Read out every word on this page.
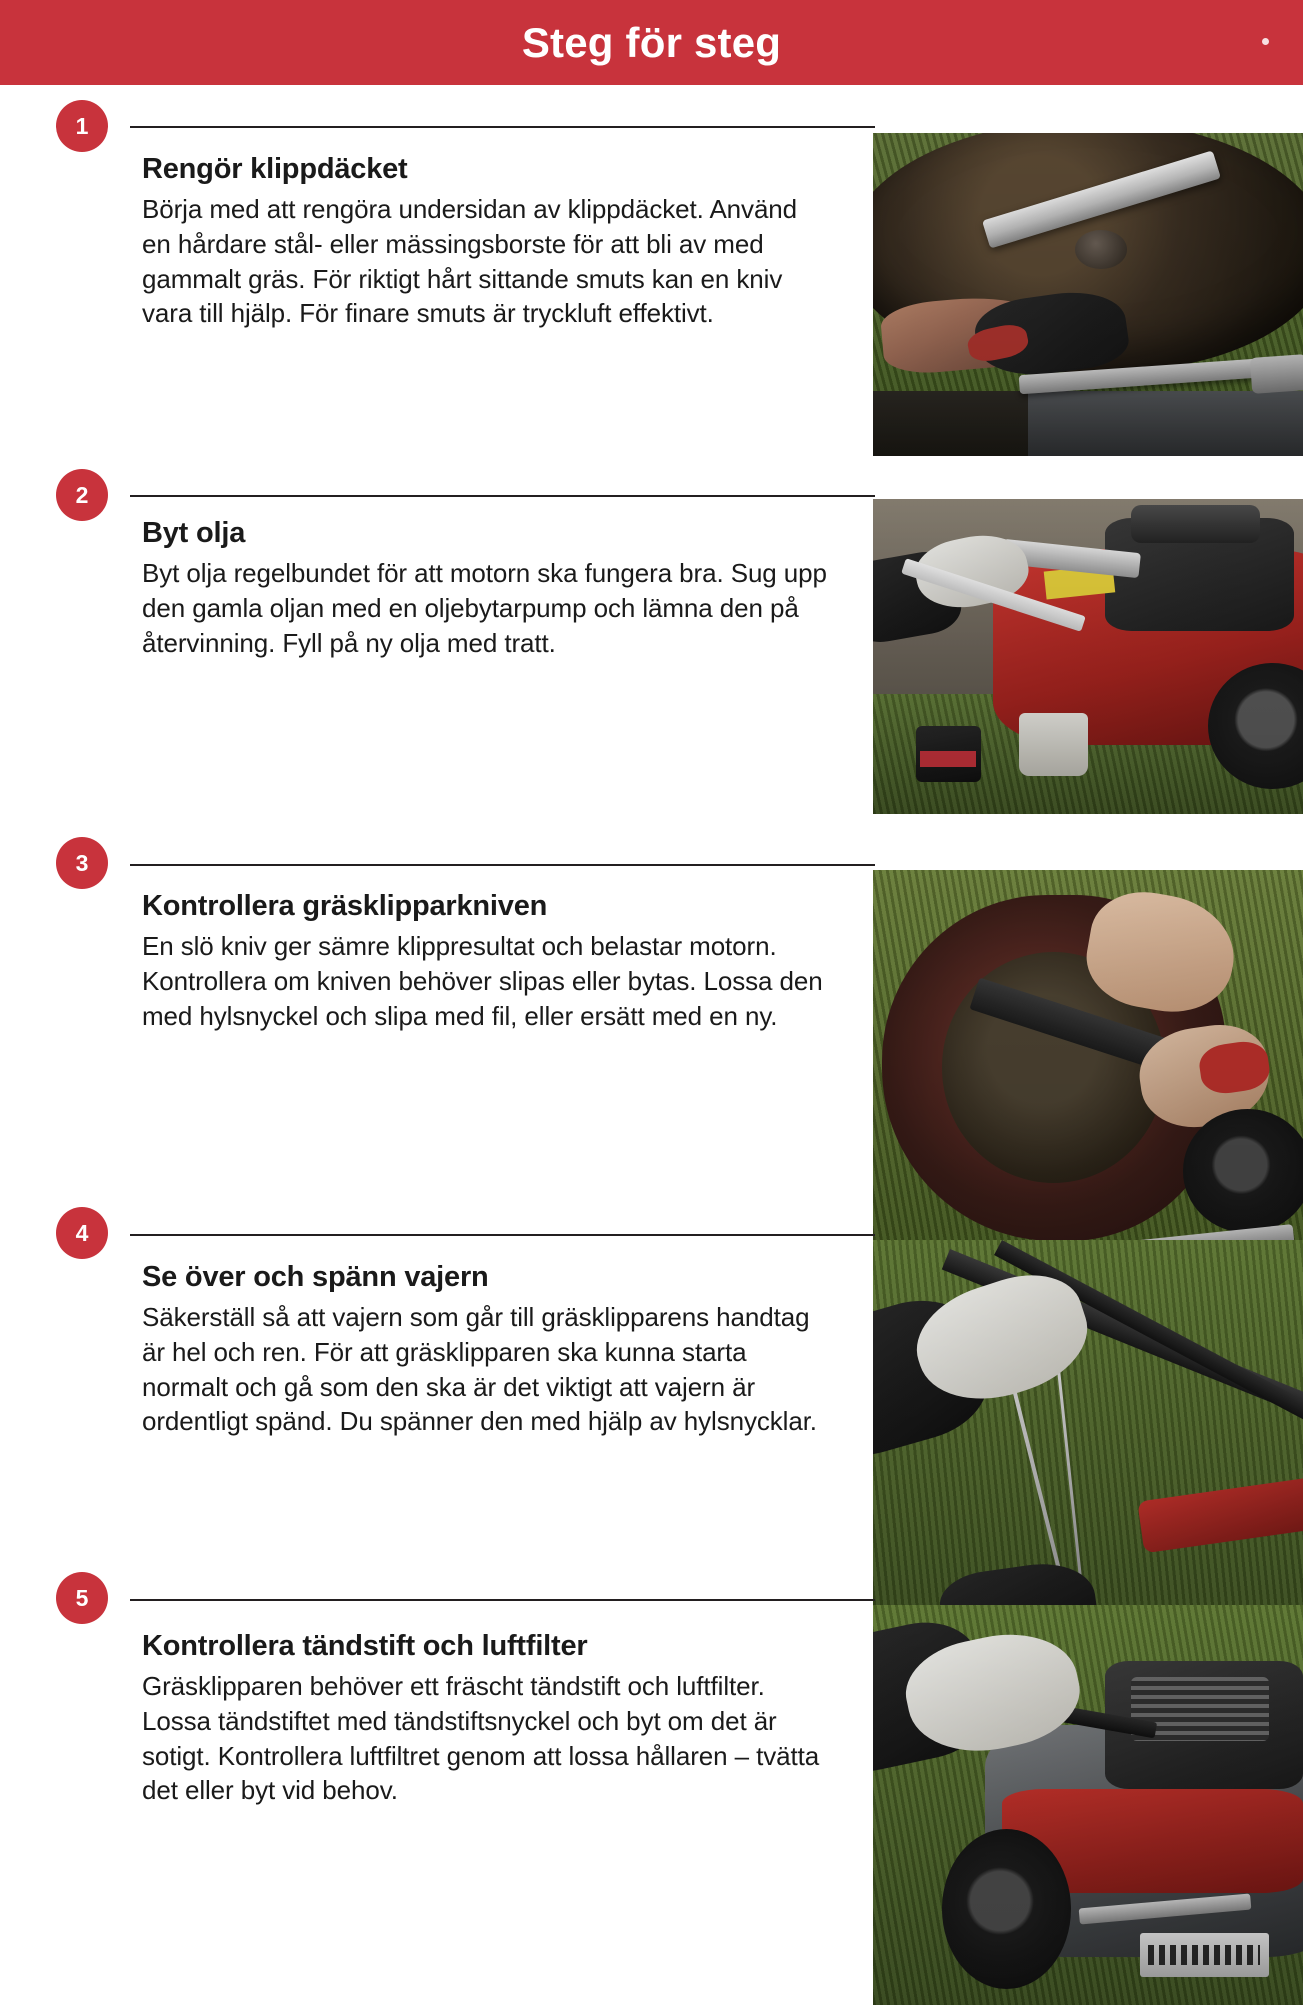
Steg för steg
1
Rengör klippdäcket
Börja med att rengöra undersidan av klippdäcket. Använd en hårdare stål- eller mässingsborste för att bli av med gammalt gräs. För riktigt hårt sittande smuts kan en kniv vara till hjälp. För finare smuts är tryckluft effektivt.
2
Byt olja
Byt olja regelbundet för att motorn ska fungera bra. Sug upp den gamla oljan med en oljebytarpump och lämna den på återvinning. Fyll på ny olja med tratt.
3
Kontrollera gräsklipparkniven
En slö kniv ger sämre klippresultat och belastar motorn. Kontrollera om kniven behöver slipas eller bytas. Lossa den med hylsnyckel och slipa med fil, eller ersätt med en ny.
4
Se över och spänn vajern
Säkerställ så att vajern som går till gräsklipparens handtag är hel och ren. För att gräsklipparen ska kunna starta normalt och gå som den ska är det viktigt att vajern är ordentligt spänd. Du spänner den med hjälp av hylsnycklar.
5
Kontrollera tändstift och luftfilter
Gräsklipparen behöver ett fräscht tändstift och luftfilter. Lossa tändstiftet med tändstiftsnyckel och byt om det är sotigt. Kontrollera luftfiltret genom att lossa hållaren – tvätta det eller byt vid behov.
